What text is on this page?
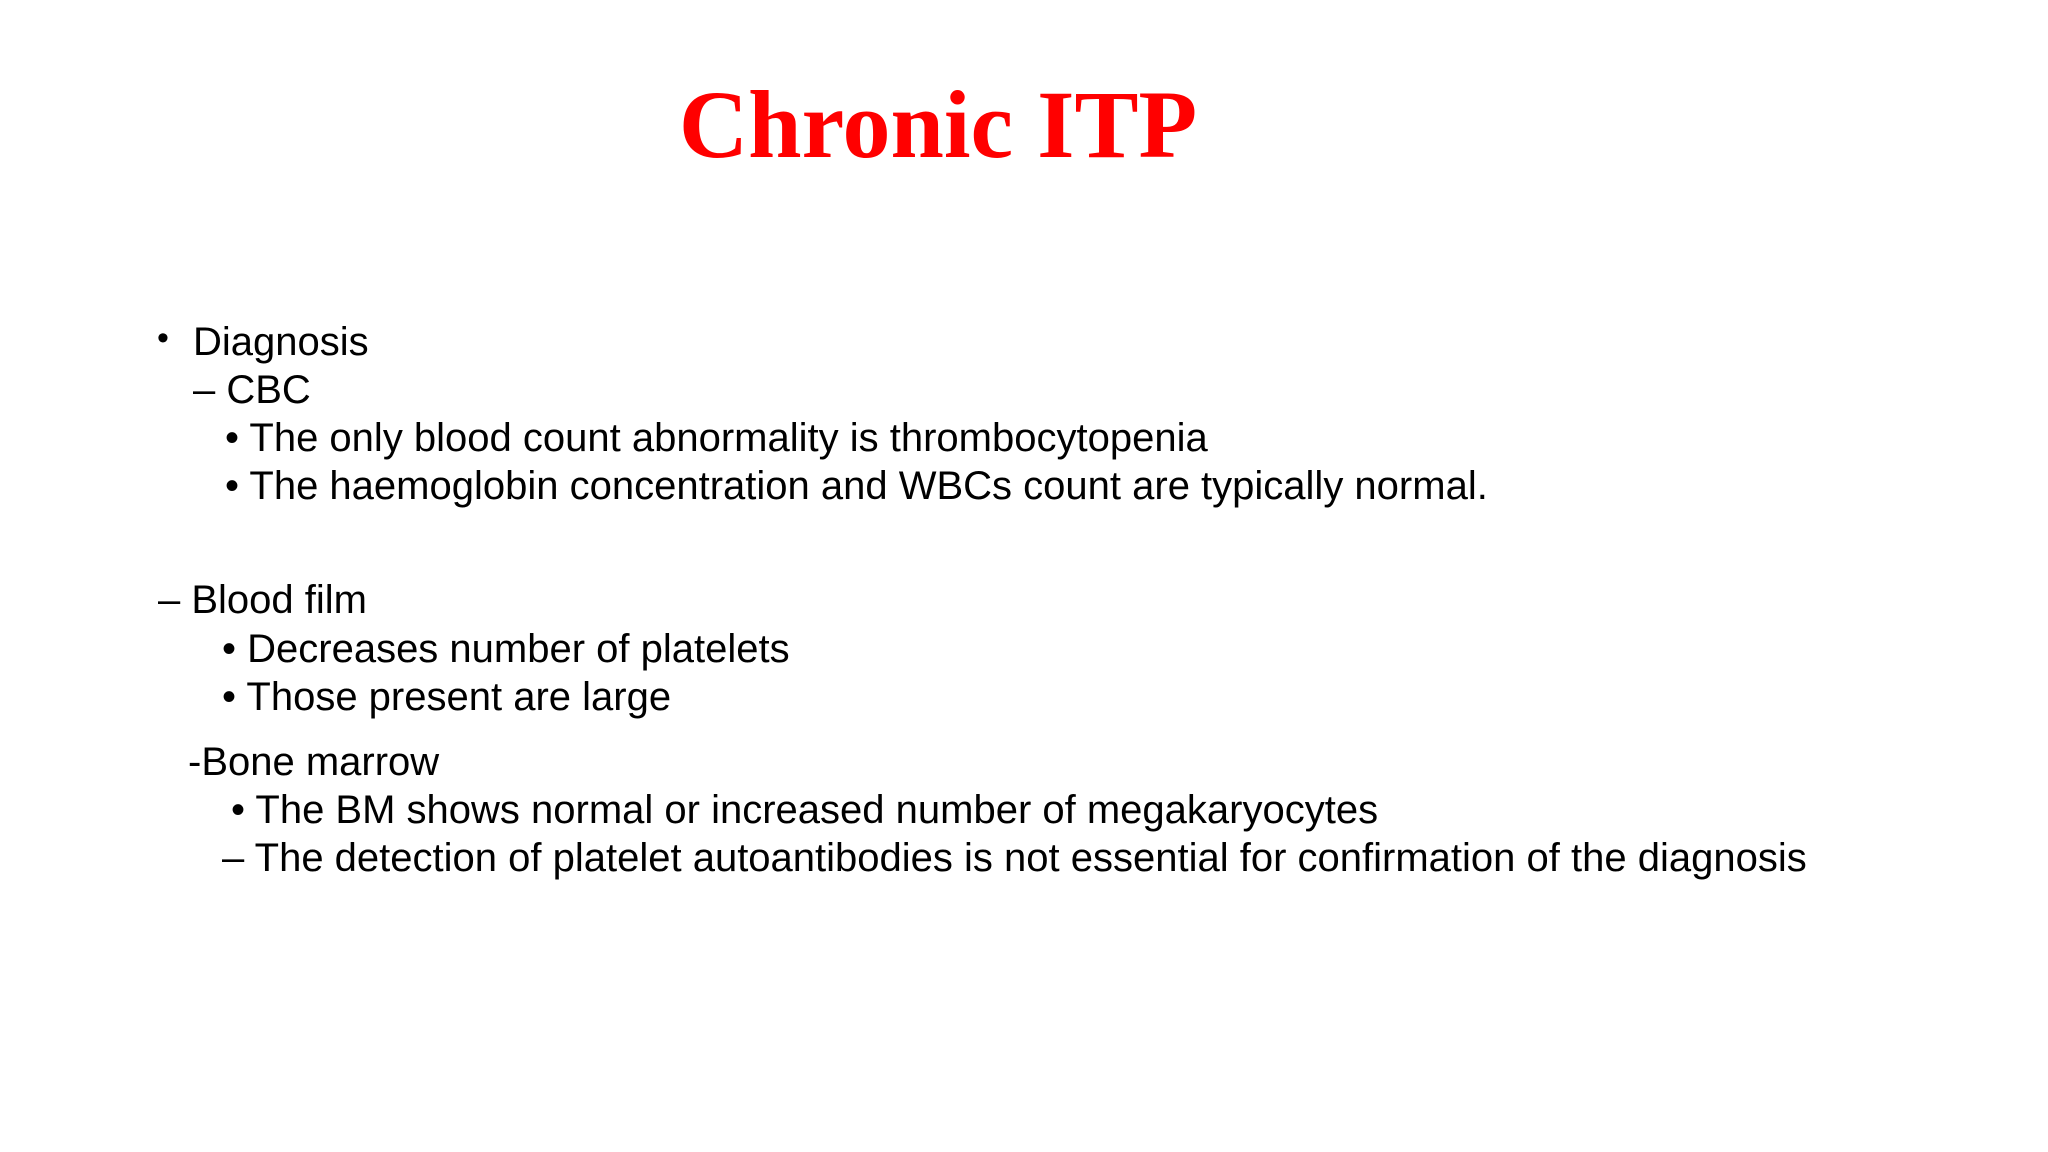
Chronic ITP
• Diagnosis
– CBC
• The only blood count abnormality is thrombocytopenia
• The haemoglobin concentration and WBCs count are typically normal.
– Blood film
• Decreases number of platelets
• Those present are large
-Bone marrow
• The BM shows normal or increased number of megakaryocytes
– The detection of platelet autoantibodies is not essential for confirmation of the diagnosis
